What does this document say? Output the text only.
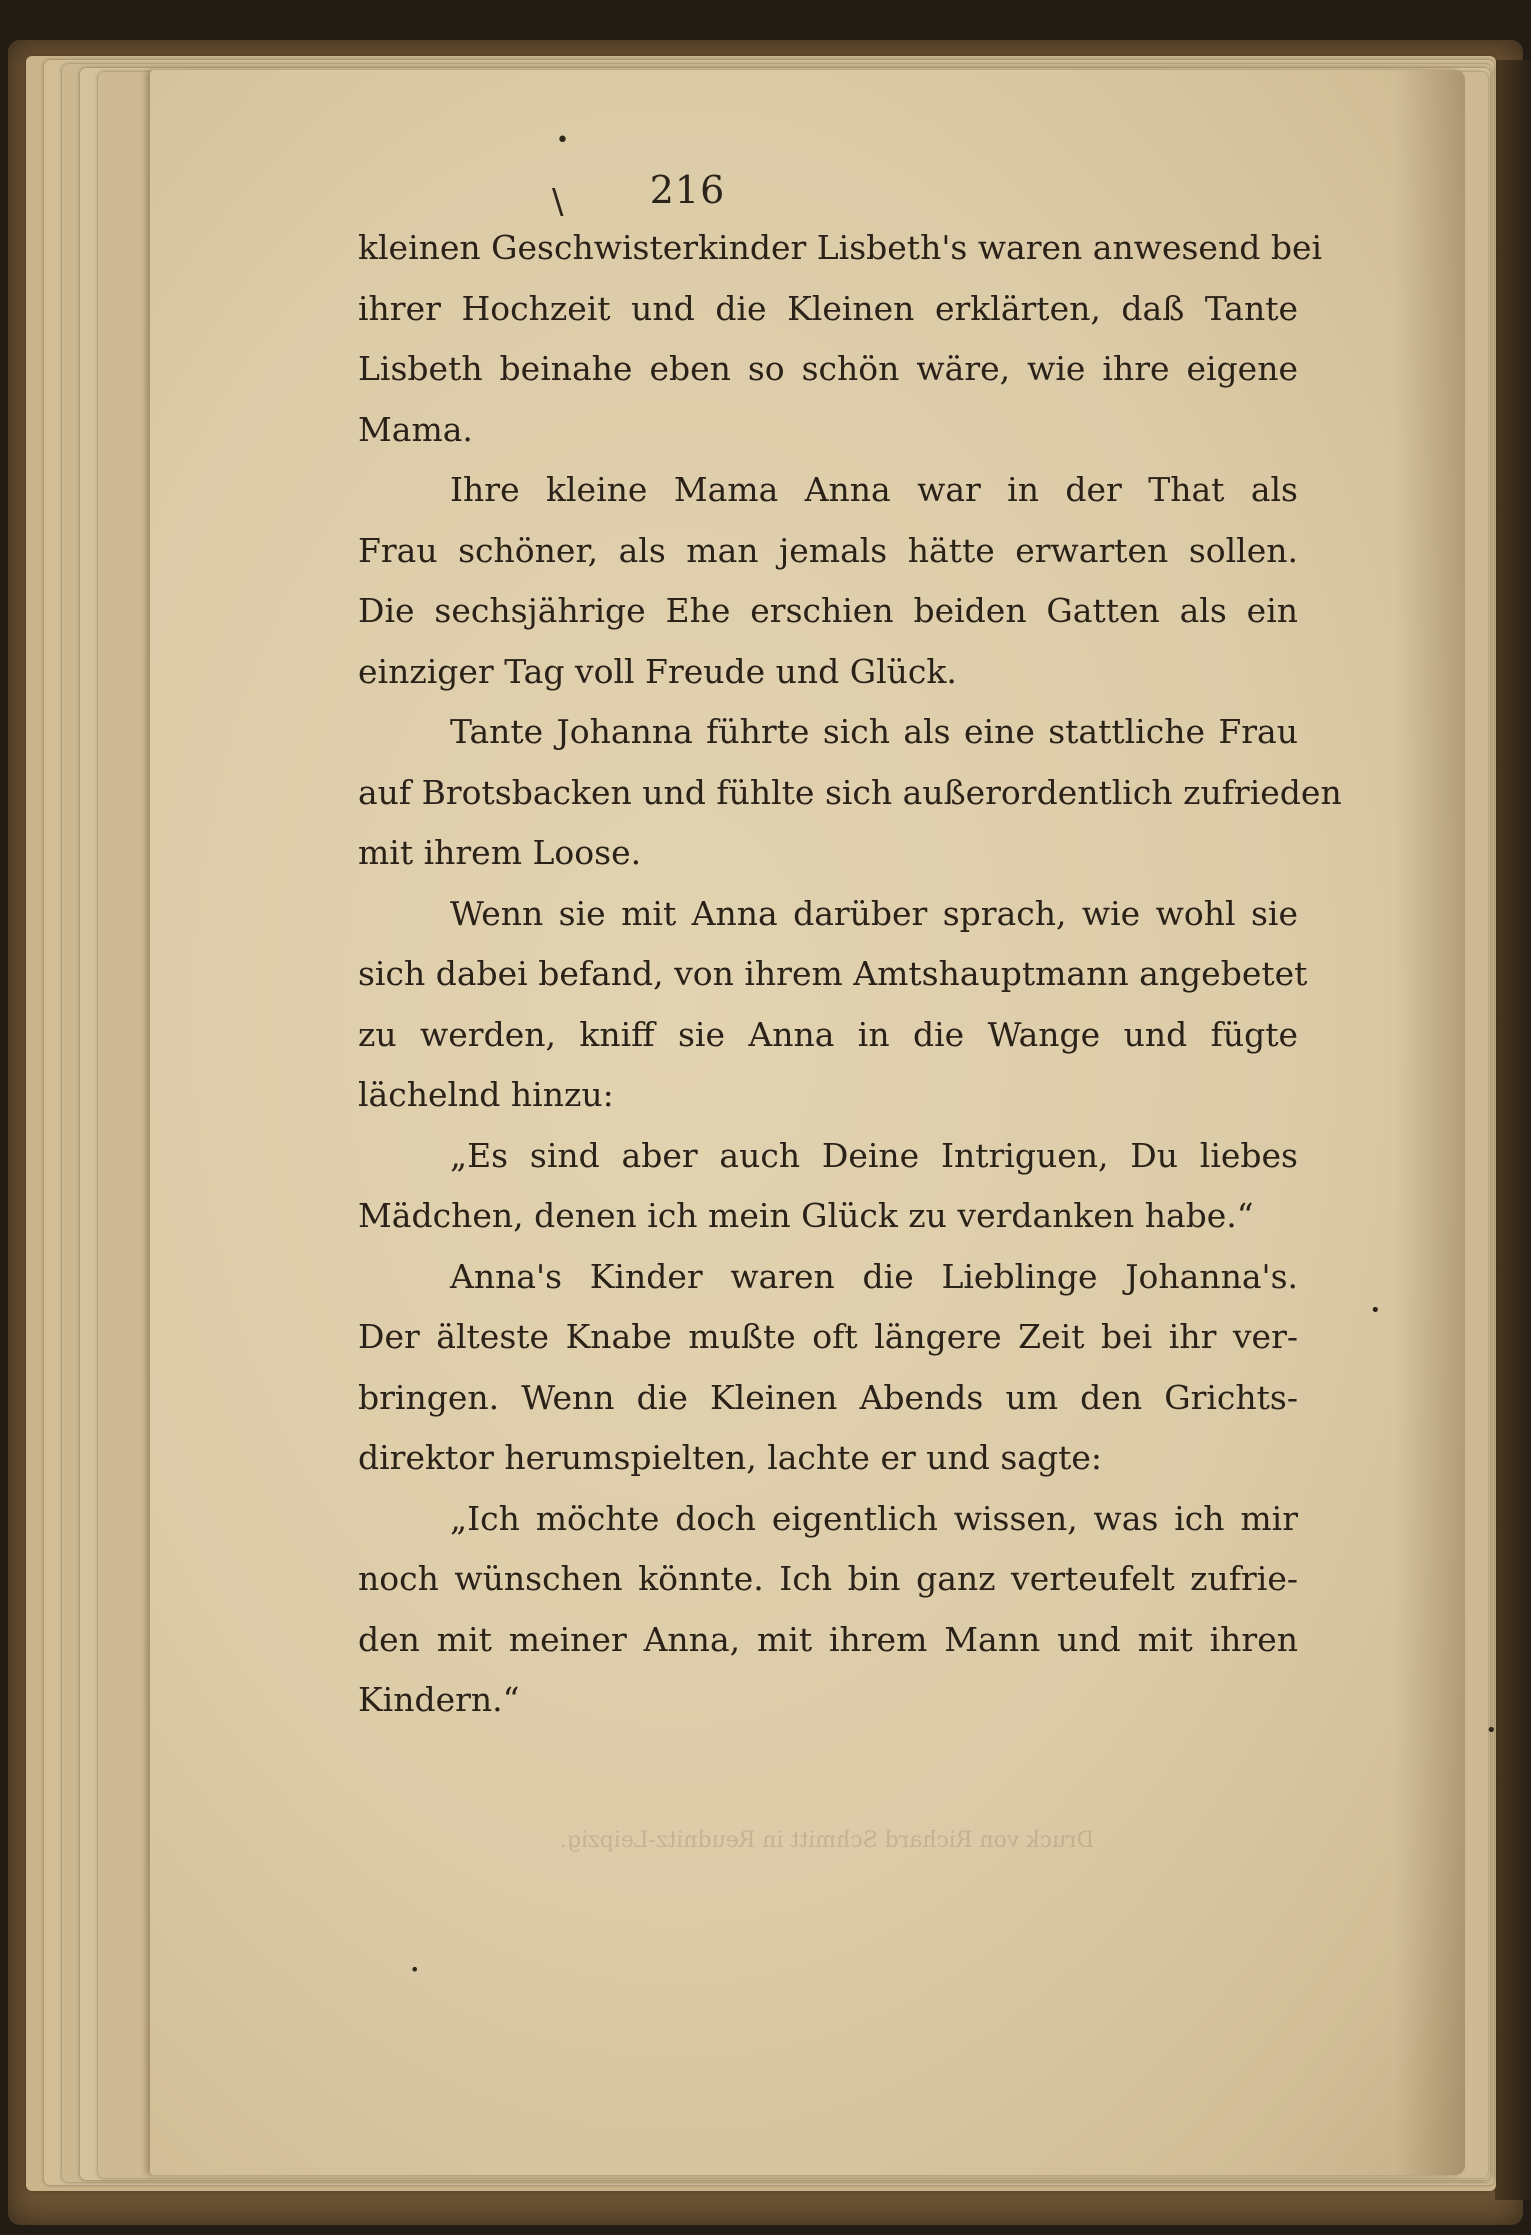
216
\
•
•
•
•
kleinen Geschwisterkinder Lisbeth's waren anwesend bei
ihrer Hochzeit und die Kleinen erklärten, daß Tante
Lisbeth beinahe eben so schön wäre, wie ihre eigene
Mama.
Ihre kleine Mama Anna war in der That als
Frau schöner, als man jemals hätte erwarten sollen.
Die sechsjährige Ehe erschien beiden Gatten als ein
einziger Tag voll Freude und Glück.
Tante Johanna führte sich als eine stattliche Frau
auf Brotsbacken und fühlte sich außerordentlich zufrieden
mit ihrem Loose.
Wenn sie mit Anna darüber sprach, wie wohl sie
sich dabei befand, von ihrem Amtshauptmann angebetet
zu werden, kniff sie Anna in die Wange und fügte
lächelnd hinzu:
„Es sind aber auch Deine Intriguen, Du liebes
Mädchen, denen ich mein Glück zu verdanken habe.“
Anna's Kinder waren die Lieblinge Johanna's.
Der älteste Knabe mußte oft längere Zeit bei ihr ver-
bringen. Wenn die Kleinen Abends um den Grichts-
direktor herumspielten, lachte er und sagte:
„Ich möchte doch eigentlich wissen, was ich mir
noch wünschen könnte. Ich bin ganz verteufelt zufrie-
den mit meiner Anna, mit ihrem Mann und mit ihren
Kindern.“
Druck von Richard Schmitt in Reudnitz-Leipzig.
